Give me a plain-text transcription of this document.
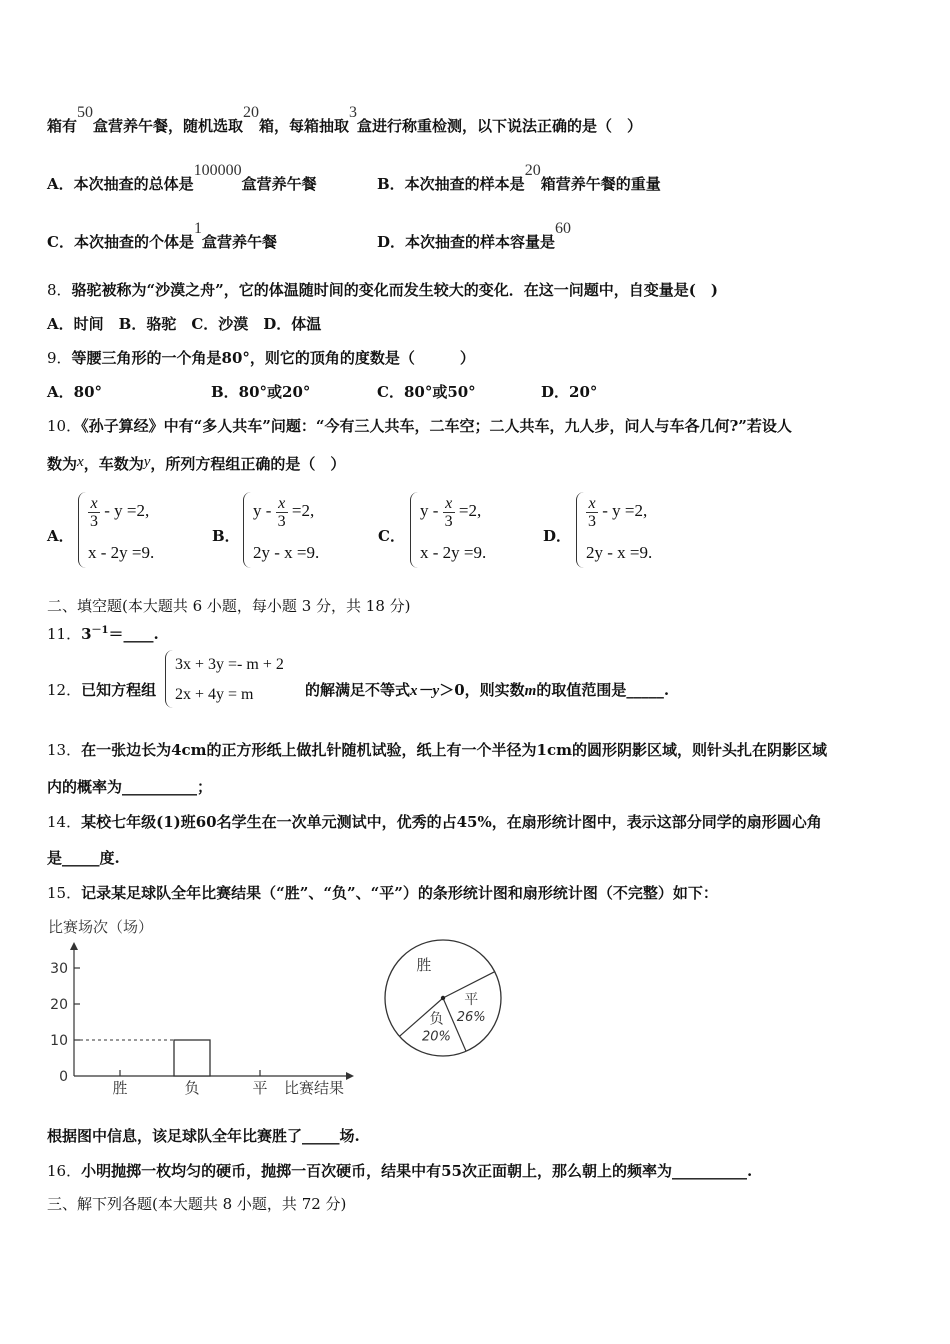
箱有50盒营养午餐，随机选取20箱，每箱抽取3盒进行称重检测，以下说法正确的是（　）
A．本次抽查的总体是100000盒营养午餐	B．本次抽查的样本是20箱营养午餐的重量
C．本次抽查的个体是1盒营养午餐	D．本次抽查的样本容量是60
8．骆驼被称为“沙漠之舟”，它的体温随时间的变化而发生较大的变化．在这一问题中，自变量是(　)
A．时间　B．骆驼　C．沙漠　D．体温
9．等腰三角形的一个角是80°，则它的顶角的度数是（　　　）
A．80°	B．80°或20°	C．80°或50°	D．20°
10．《孙子算经》中有“多人共车”问题：“今有三人共车，二车空；二人共车，九人步，问人与车各几何?”若设人
数为x，车数为y，所列方程组正确的是（　）
A．
$\frac{x}{3} - y =2$,
x - 2y =9.
B．
$y - \frac{x}{3} =2$,
2y - x =9.
C．
$y - \frac{x}{3} =2$,
x - 2y =9.
D．
$\frac{x}{3} - y =2$,
2y - x =9.
二、填空题(本大题共 6 小题，每小题 3 分，共 18 分)
11．$3^{-1}=\_\_\_\_$.
12．已知方程组
3x + 3y =- m + 2
2x + 4y = m	的解满足不等式x－y＞0，则实数m的取值范围是_____.
13．在一张边长为4cm的正方形纸上做扎针随机试验，纸上有一个半径为1cm的圆形阴影区域，则针头扎在阴影区域
内的概率为__________；
14．某校七年级(1)班60名学生在一次单元测试中，优秀的占45%，在扇形统计图中，表示这部分同学的扇形圆心角
是_____度.
15．记录某足球队全年比赛结果（“胜”、“负”、“平”）的条形统计图和扇形统计图（不完整）如下：
比赛场次（场）
30
20
10
0
胜	负	平 比赛结果
胜
负
20%
平
26%
根据图中信息，该足球队全年比赛胜了_____场.
16．小明抛掷一枚均匀的硬币，抛掷一百次硬币，结果中有55次正面朝上，那么朝上的频率为__________.
三、解下列各题(本大题共 8 小题，共 72 分)
